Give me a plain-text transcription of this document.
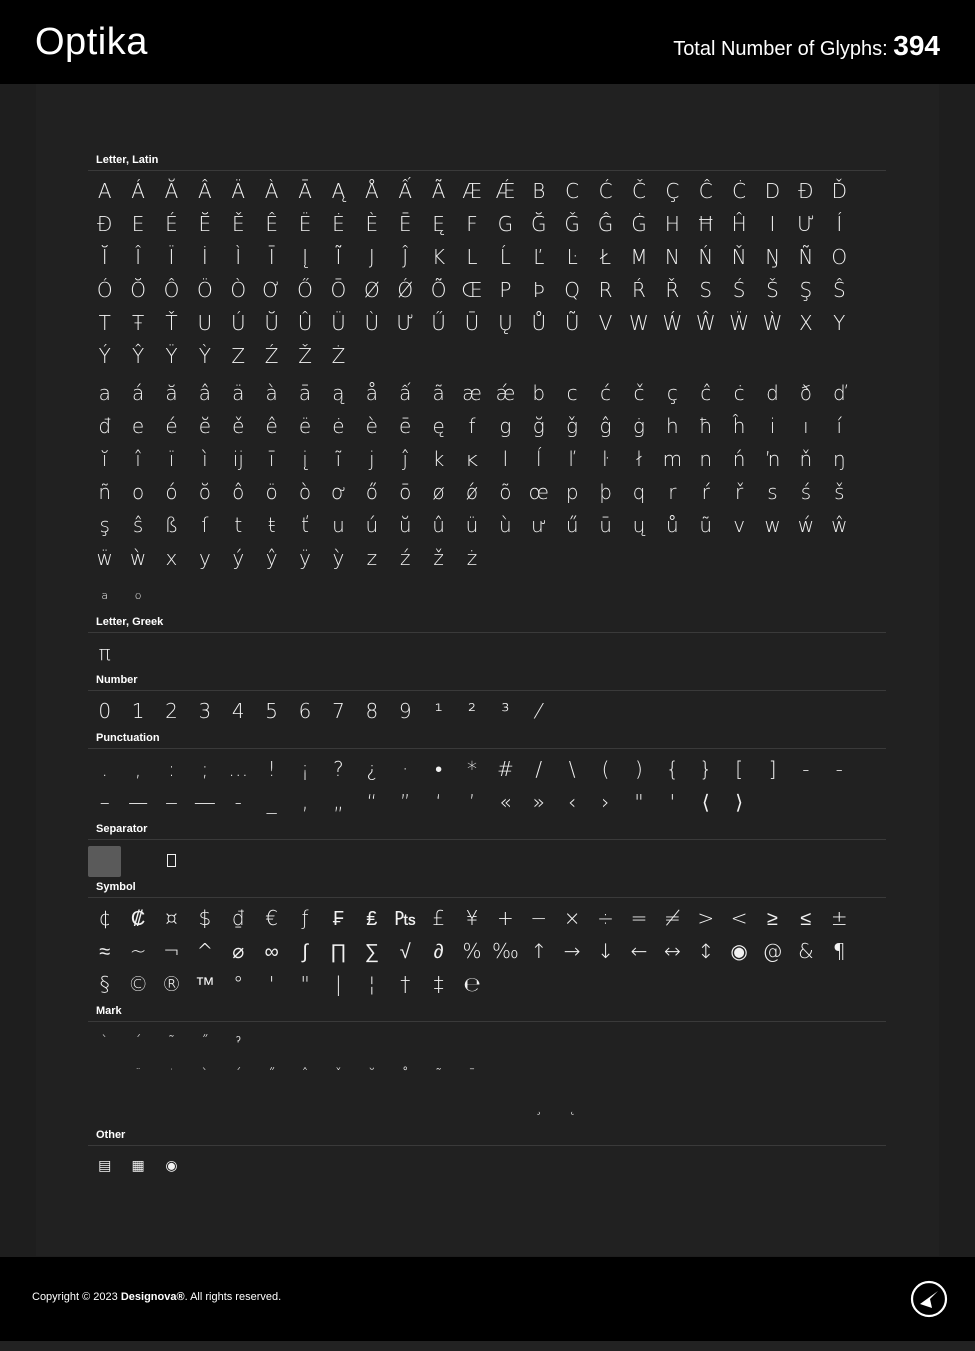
Optika	Total Number of Glyphs: 394
Letter, Latin
A Á Ă Â Ä À Ā Ą Å Ấ Ã Æ Ǽ B C Ć Č Ç Ĉ Ċ D Ð Ď
Đ E	É	Ĕ	Ě	Ê	Ë	Ė	È	Ē	Ę	F G Ğ Ǧ Ĝ Ġ H Ħ Ĥ	I	Ư	Í
Ĭ	Î	Ï	İ	Ì	Ī	Į	Ĩ	J	Ĵ	K	L	Ĺ	Ľ	Ŀ	Ł M N Ń Ň Ŋ Ñ O
Ó Ŏ Ô Ö Ò Ơ Ő Ō Ø Ǿ Õ Œ P	Þ Q R Ŕ Ř	S	Ś	Š	Ş	Ŝ
T	Ŧ	Ť U Ú Ŭ Û Ü Ù Ư Ű Ū Ų Ů Ũ V W Ẃ Ŵ Ẅ Ẁ X	Y
Ý	Ŷ	Ÿ	Ỳ	Z Ź Ž Ż
a	á	ă	â	ä	à	ā	ą	å	ấ	ã æ ǽ b	c	ć	č	ç	ĉ	ċ	d	ð	ď
đ	e	é	ĕ	ě	ê	ë	ė	è	ē	ę	f	g	ğ	ǧ	ĝ	ġ	h	ħ	ĥ	i	ı	í
ĭ	î	ï	ì	ĳ	ī	į	ĩ	j	ĵ	k	ĸ	l	ĺ	ľ	ŀ	ł	m n	ń ŉ ň	ŋ
ñ	o	ó	ŏ	ô	ö	ò ơ ő	ō	ø	ǿ	õ œ p	þ	q	r	ŕ	ř	s	ś	š
ş	ŝ	ß	ſ	t	ŧ	ť	u	ú	ŭ	û	ü	ù ư ű	ū	ų	ů	ũ	v w ẃ ŵ
ẅ ẁ x	y	ý	ŷ	ÿ	ỳ	z	ź	ž	ż
a	o
Letter, Greek
π
Number
0	1	2	3	4	5	6	7	8	9	¹	²	³	⁄
Punctuation
.	,	:	;	… !	¡	?	¿	·	•	*	#	/	\	(	)	{	}	[	]	-	‐
– — ‒ ― ‑	_	‚	„	“	”	‘	’	«	»	‹	›	"	'	⟨	⟩
Separator
Symbol
¢ ₡ ¤	$	₫	€	ƒ	₣	₤ ₧ £	¥ + − × ÷ = ≠ > < ≥	≤ ±
≈ ~ ¬ ^ ⌀	∞	∫	∏ ∑	√	∂ % ‰ ↑ → ↓ ← ↔ ↕ ◉ @ & ¶
§ © ® ™ °	'	"	|	¦	†	‡ ℮
Mark
`	´	˜	˝	ˀ
¨	˙	`	´	˝	ˆ	ˇ	˘	˚	˜	¯
¸	˛
Other
▤	▦	◉
Copyright © 2023 Designova®. All rights reserved.
